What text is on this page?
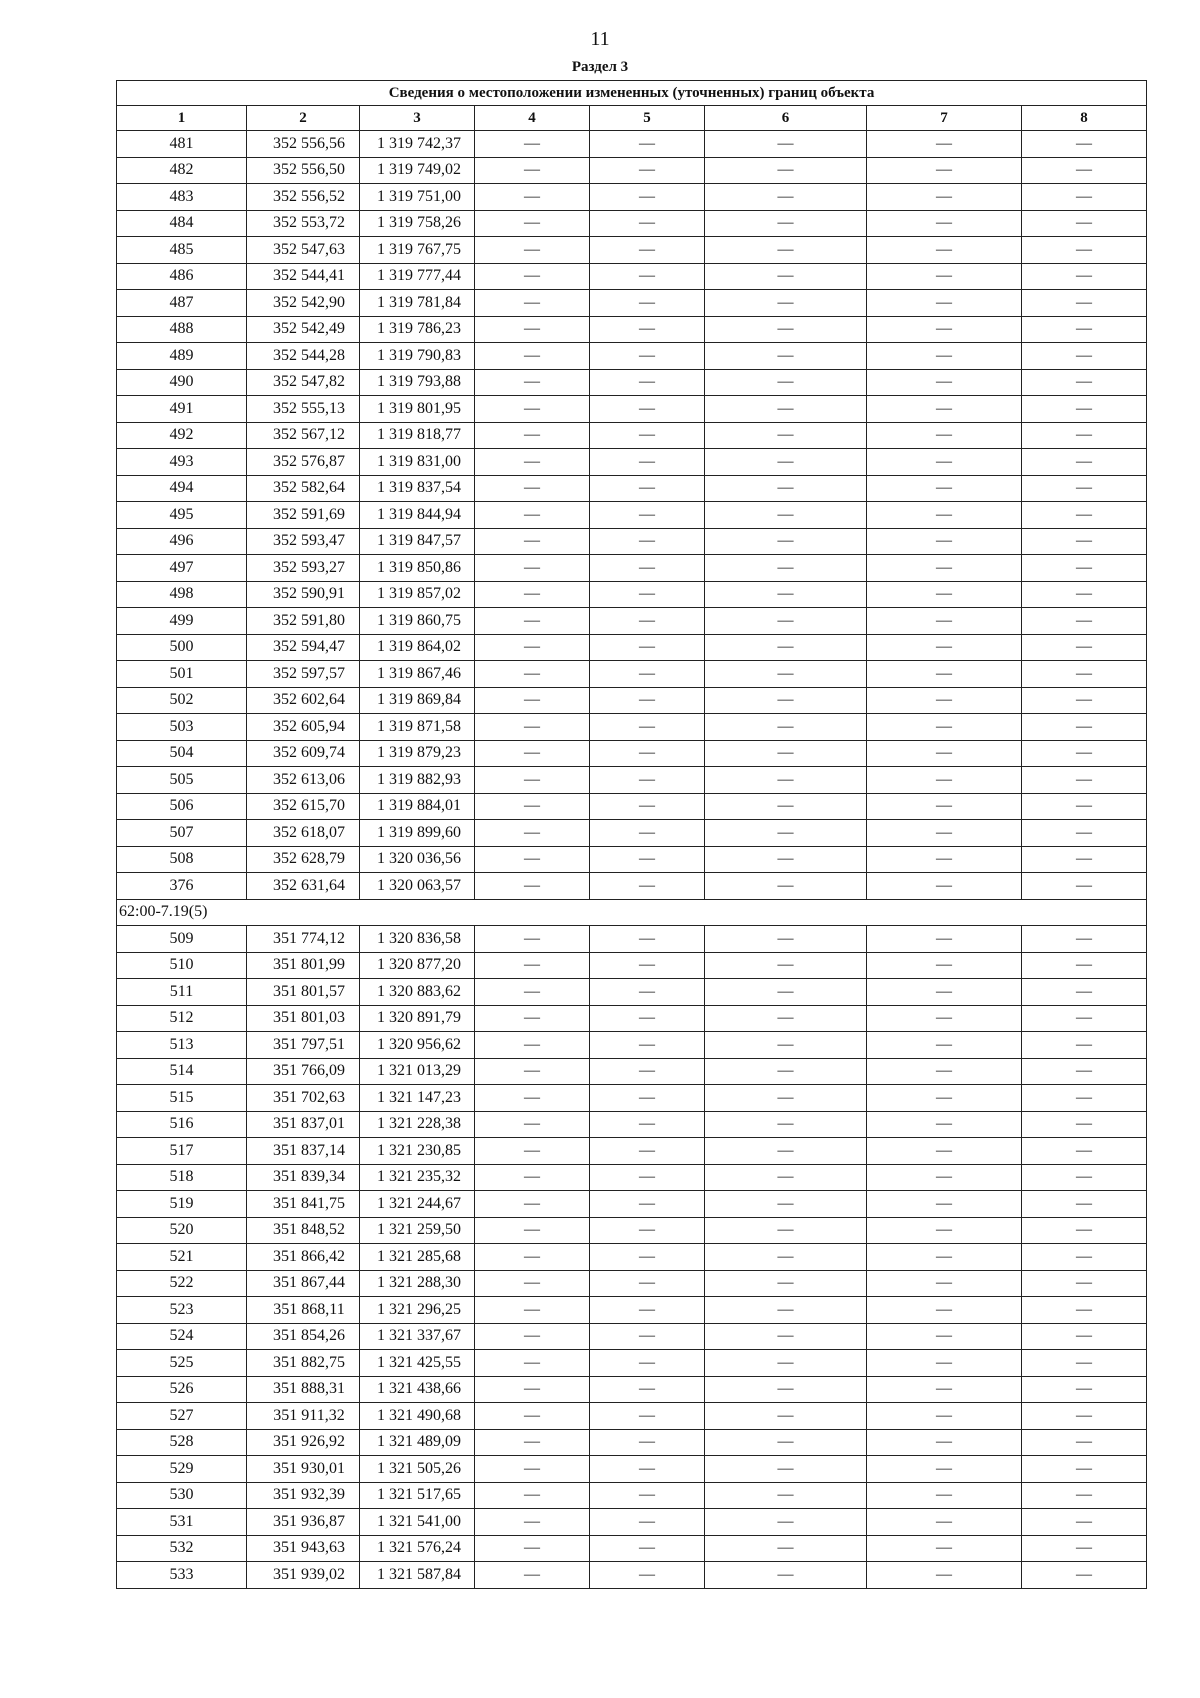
11
Раздел 3
Сведения о местоположении измененных (уточненных) границ объекта							
1	2	3	4	5	6	7	8
481	352 556,56	1 319 742,37	—	—	—	—	—
482	352 556,50	1 319 749,02	—	—	—	—	—
483	352 556,52	1 319 751,00	—	—	—	—	—
484	352 553,72	1 319 758,26	—	—	—	—	—
485	352 547,63	1 319 767,75	—	—	—	—	—
486	352 544,41	1 319 777,44	—	—	—	—	—
487	352 542,90	1 319 781,84	—	—	—	—	—
488	352 542,49	1 319 786,23	—	—	—	—	—
489	352 544,28	1 319 790,83	—	—	—	—	—
490	352 547,82	1 319 793,88	—	—	—	—	—
491	352 555,13	1 319 801,95	—	—	—	—	—
492	352 567,12	1 319 818,77	—	—	—	—	—
493	352 576,87	1 319 831,00	—	—	—	—	—
494	352 582,64	1 319 837,54	—	—	—	—	—
495	352 591,69	1 319 844,94	—	—	—	—	—
496	352 593,47	1 319 847,57	—	—	—	—	—
497	352 593,27	1 319 850,86	—	—	—	—	—
498	352 590,91	1 319 857,02	—	—	—	—	—
499	352 591,80	1 319 860,75	—	—	—	—	—
500	352 594,47	1 319 864,02	—	—	—	—	—
501	352 597,57	1 319 867,46	—	—	—	—	—
502	352 602,64	1 319 869,84	—	—	—	—	—
503	352 605,94	1 319 871,58	—	—	—	—	—
504	352 609,74	1 319 879,23	—	—	—	—	—
505	352 613,06	1 319 882,93	—	—	—	—	—
506	352 615,70	1 319 884,01	—	—	—	—	—
507	352 618,07	1 319 899,60	—	—	—	—	—
508	352 628,79	1 320 036,56	—	—	—	—	—
376	352 631,64	1 320 063,57	—	—	—	—	—
62:00-7.19(5)							
509	351 774,12	1 320 836,58	—	—	—	—	—
510	351 801,99	1 320 877,20	—	—	—	—	—
511	351 801,57	1 320 883,62	—	—	—	—	—
512	351 801,03	1 320 891,79	—	—	—	—	—
513	351 797,51	1 320 956,62	—	—	—	—	—
514	351 766,09	1 321 013,29	—	—	—	—	—
515	351 702,63	1 321 147,23	—	—	—	—	—
516	351 837,01	1 321 228,38	—	—	—	—	—
517	351 837,14	1 321 230,85	—	—	—	—	—
518	351 839,34	1 321 235,32	—	—	—	—	—
519	351 841,75	1 321 244,67	—	—	—	—	—
520	351 848,52	1 321 259,50	—	—	—	—	—
521	351 866,42	1 321 285,68	—	—	—	—	—
522	351 867,44	1 321 288,30	—	—	—	—	—
523	351 868,11	1 321 296,25	—	—	—	—	—
524	351 854,26	1 321 337,67	—	—	—	—	—
525	351 882,75	1 321 425,55	—	—	—	—	—
526	351 888,31	1 321 438,66	—	—	—	—	—
527	351 911,32	1 321 490,68	—	—	—	—	—
528	351 926,92	1 321 489,09	—	—	—	—	—
529	351 930,01	1 321 505,26	—	—	—	—	—
530	351 932,39	1 321 517,65	—	—	—	—	—
531	351 936,87	1 321 541,00	—	—	—	—	—
532	351 943,63	1 321 576,24	—	—	—	—	—
533	351 939,02	1 321 587,84	—	—	—	—	—
